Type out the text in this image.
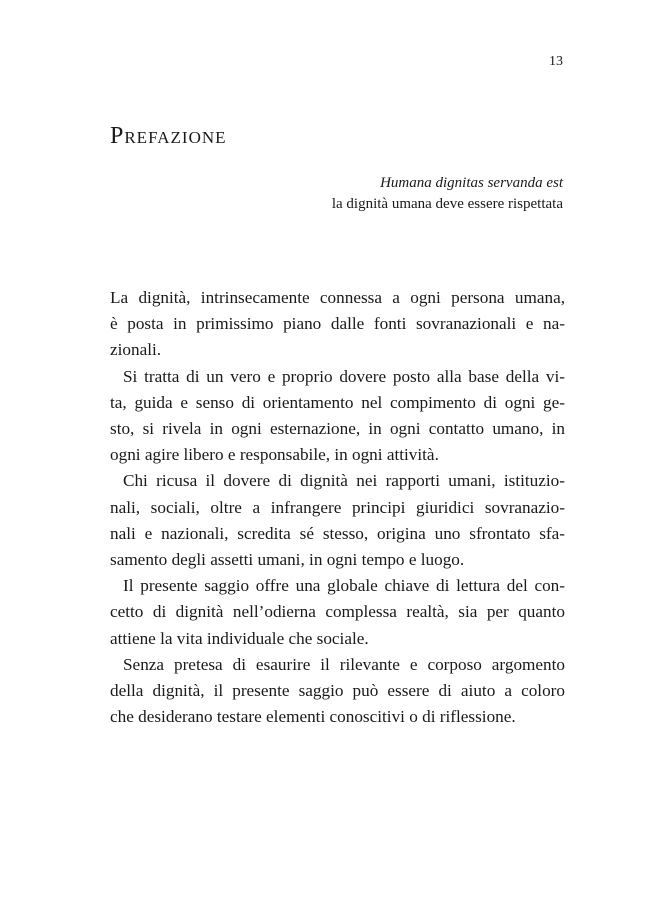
13
Prefazione
Humana dignitas servanda est
la dignità umana deve essere rispettata

La dignità, intrinsecamente connessa a ogni persona umana,
è posta in primissimo piano dalle fonti sovranazionali e na-
zionali.

Si tratta di un vero e proprio dovere posto alla base della vi-
ta, guida e senso di orientamento nel compimento di ogni ge-
sto, si rivela in ogni esternazione, in ogni contatto umano, in
ogni agire libero e responsabile, in ogni attività.

Chi ricusa il dovere di dignità nei rapporti umani, istituzio-
nali, sociali, oltre a infrangere principi giuridici sovranazio-
nali e nazionali, screditа sé stesso, origina uno sfrontato sfa-
samento degli assetti umani, in ogni tempo e luogo.

Il presente saggio offre una globale chiave di lettura del con-
cetto di dignità nell’odierna complessa realtà, sia per quanto
attiene la vita individuale che sociale.

Senza pretesa di esaurire il rilevante e corposo argomento
della dignità, il presente saggio può essere di aiuto a coloro
che desiderano testare elementi conoscitivi o di riflessione.
